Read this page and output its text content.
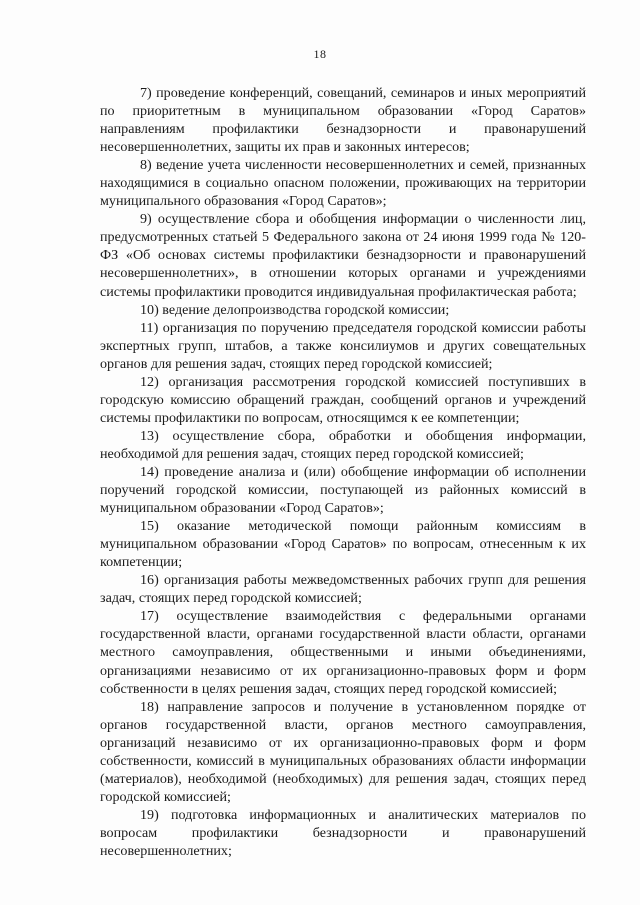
18

7) проведение конференций, совещаний, семинаров и иных мероприятий по приоритетным в муниципальном образовании «Город Саратов» направлениям профилактики безнадзорности и правонарушений несовершеннолетних, защиты их прав и законных интересов;

8) ведение учета численности несовершеннолетних и семей, признанных находящимися в социально опасном положении, проживающих на территории муниципального образования «Город Саратов»;

9) осуществление сбора и обобщения информации о численности лиц, предусмотренных статьей 5 Федерального закона от 24 июня 1999 года № 120-ФЗ «Об основах системы профилактики безнадзорности и правонарушений несовершеннолетних», в отношении которых органами и учреждениями системы профилактики проводится индивидуальная профилактическая работа;

10) ведение делопроизводства городской комиссии;

11) организация по поручению председателя городской комиссии работы экспертных групп, штабов, а также консилиумов и других совещательных органов для решения задач, стоящих перед городской комиссией;

12) организация рассмотрения городской комиссией поступивших в городскую комиссию обращений граждан, сообщений органов и учреждений системы профилактики по вопросам, относящимся к ее компетенции;

13) осуществление сбора, обработки и обобщения информации, необходимой для решения задач, стоящих перед городской комиссией;

14) проведение анализа и (или) обобщение информации об исполнении поручений городской комиссии, поступающей из районных комиссий в муниципальном образовании «Город Саратов»;

15) оказание методической помощи районным комиссиям в муниципальном образовании «Город Саратов» по вопросам, отнесенным к их компетенции;

16) организация работы межведомственных рабочих групп для решения задач, стоящих перед городской комиссией;

17) осуществление взаимодействия с федеральными органами государственной власти, органами государственной власти области, органами местного самоуправления, общественными и иными объединениями, организациями независимо от их организационно-правовых форм и форм собственности в целях решения задач, стоящих перед городской комиссией;

18) направление запросов и получение в установленном порядке от органов государственной власти, органов местного самоуправления, организаций независимо от их организационно-правовых форм и форм собственности, комиссий в муниципальных образованиях области информации (материалов), необходимой (необходимых) для решения задач, стоящих перед городской комиссией;

19) подготовка информационных и аналитических материалов по вопросам профилактики безнадзорности и правонарушений несовершеннолетних;
